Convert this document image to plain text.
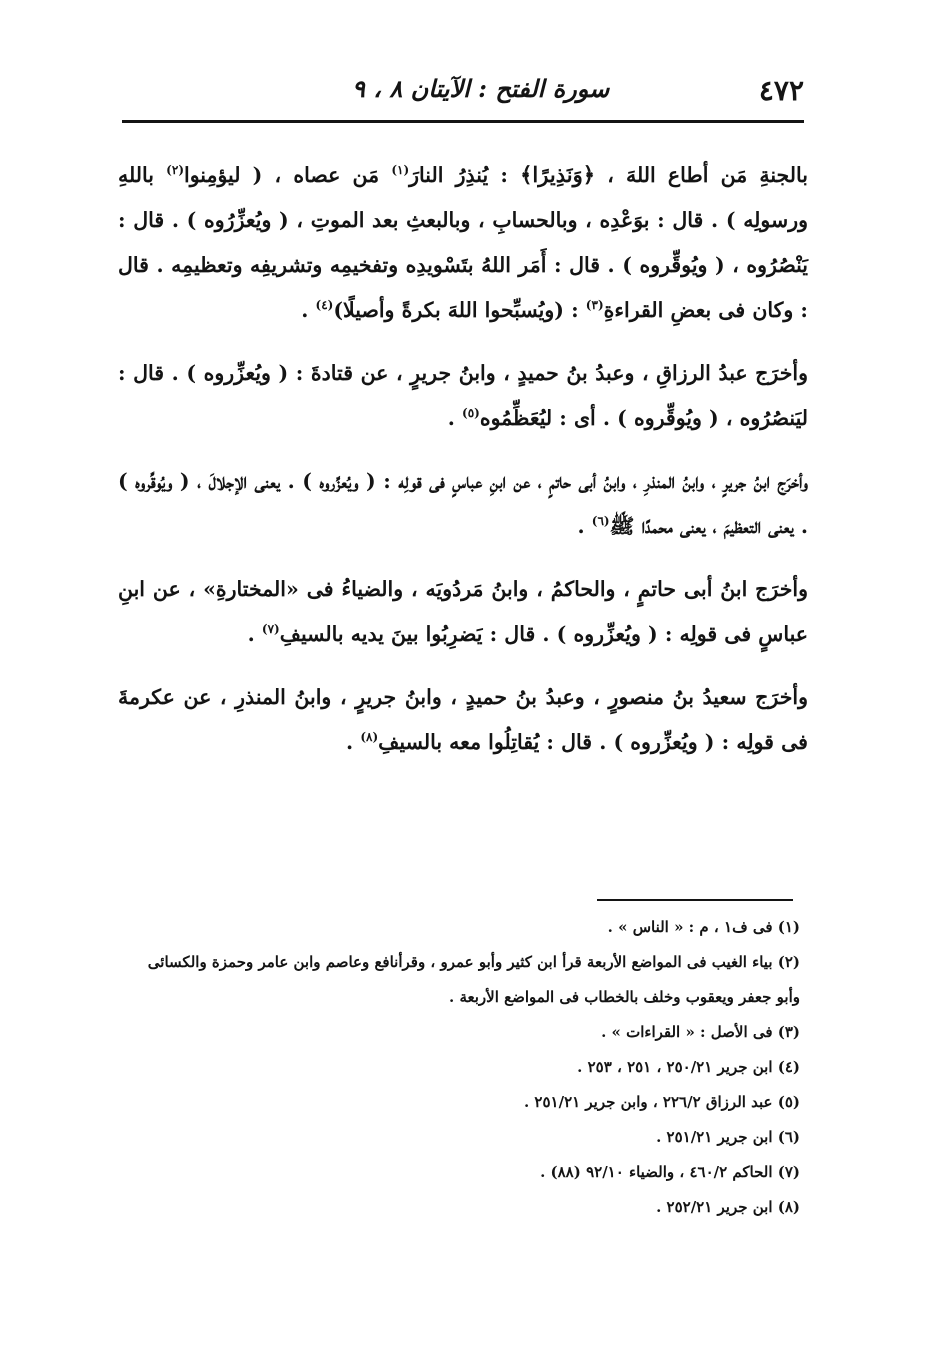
٤٧٢
سورة الفتح : الآيتان ٨ ، ٩

بالجنةِ مَن أطاع اللهَ ، ﴿وَنَذِيرًا﴾ : يُنذِرُ النارَ$^{(١)}$ مَن عصاه ، ( ليؤمِنوا$^{(٢)}$ باللهِ ورسولِه ) . قال : بوَعْدِه ، وبالحسابِ ، وبالبعثِ بعد الموتِ ، ( ويُعزِّرُوه ) . قال : يَنْصُرُوه ، ( ويُوقِّروه ) . قال : أَمَر اللهُ بتَسْويدِه وتفخيمِه وتشريفِه وتعظيمِه . قال : وكان فى بعضِ القراءةِ$^{(٣)}$ : (ويُسبِّحوا اللهَ بكرةً وأصيلًا)$^{(٤)}$ .

وأخرَج عبدُ الرزاقِ ، وعبدُ بنُ حميدٍ ، وابنُ جريرٍ ، عن قتادةَ : ( ويُعزِّروه ) . قال : ليَنصُرُوه ، ( ويُوقِّروه ) . أى : ليُعَظِّمُوه$^{(٥)}$ .

وأخرَج ابنُ جريرٍ ، وابنُ المنذرِ ، وابنُ أبى حاتمٍ ، عن ابنِ عباسٍ فى قولِه : ( ويُعزِّروه ) . يعنى الإجلالَ ، ( ويُوقِّروه ) . يعنى التعظيمَ ، يعنى محمدًا ﷺ$^{(٦)}$ .

وأخرَج ابنُ أبى حاتمٍ ، والحاكمُ ، وابنُ مَردُويَه ، والضياءُ فى «المختارةِ» ، عن ابنِ عباسٍ فى قولِه : ( ويُعزِّروه ) . قال : يَضرِبُوا بينَ يديه بالسيفِ$^{(٧)}$ .

وأخرَج سعيدُ بنُ منصورٍ ، وعبدُ بنُ حميدٍ ، وابنُ جريرٍ ، وابنُ المنذرِ ، عن عكرمةَ فى قولِه : ( ويُعزِّروه ) . قال : يُقاتِلُوا معه بالسيفِ$^{(٨)}$ .

(١) فى ف١ ، م : « الناس » .

(٢) بياء الغيب فى المواضع الأربعة قرأ ابن كثير وأبو عمرو ، وقرأنافع وعاصم وابن عامر وحمزة والكسائى

وأبو جعفر ويعقوب وخلف بالخطاب فى المواضع الأربعة .

(٣) فى الأصل : « القراءات » .

(٤) ابن جرير ٢٥٠/٢١ ، ٢٥١ ، ٢٥٣ .

(٥) عبد الرزاق ٢٢٦/٢ ، وابن جرير ٢٥١/٢١ .

(٦) ابن جرير ٢٥١/٢١ .

(٧) الحاكم ٤٦٠/٢ ، والضياء ٩٢/١٠ (٨٨) .

(٨) ابن جرير ٢٥٢/٢١ .
